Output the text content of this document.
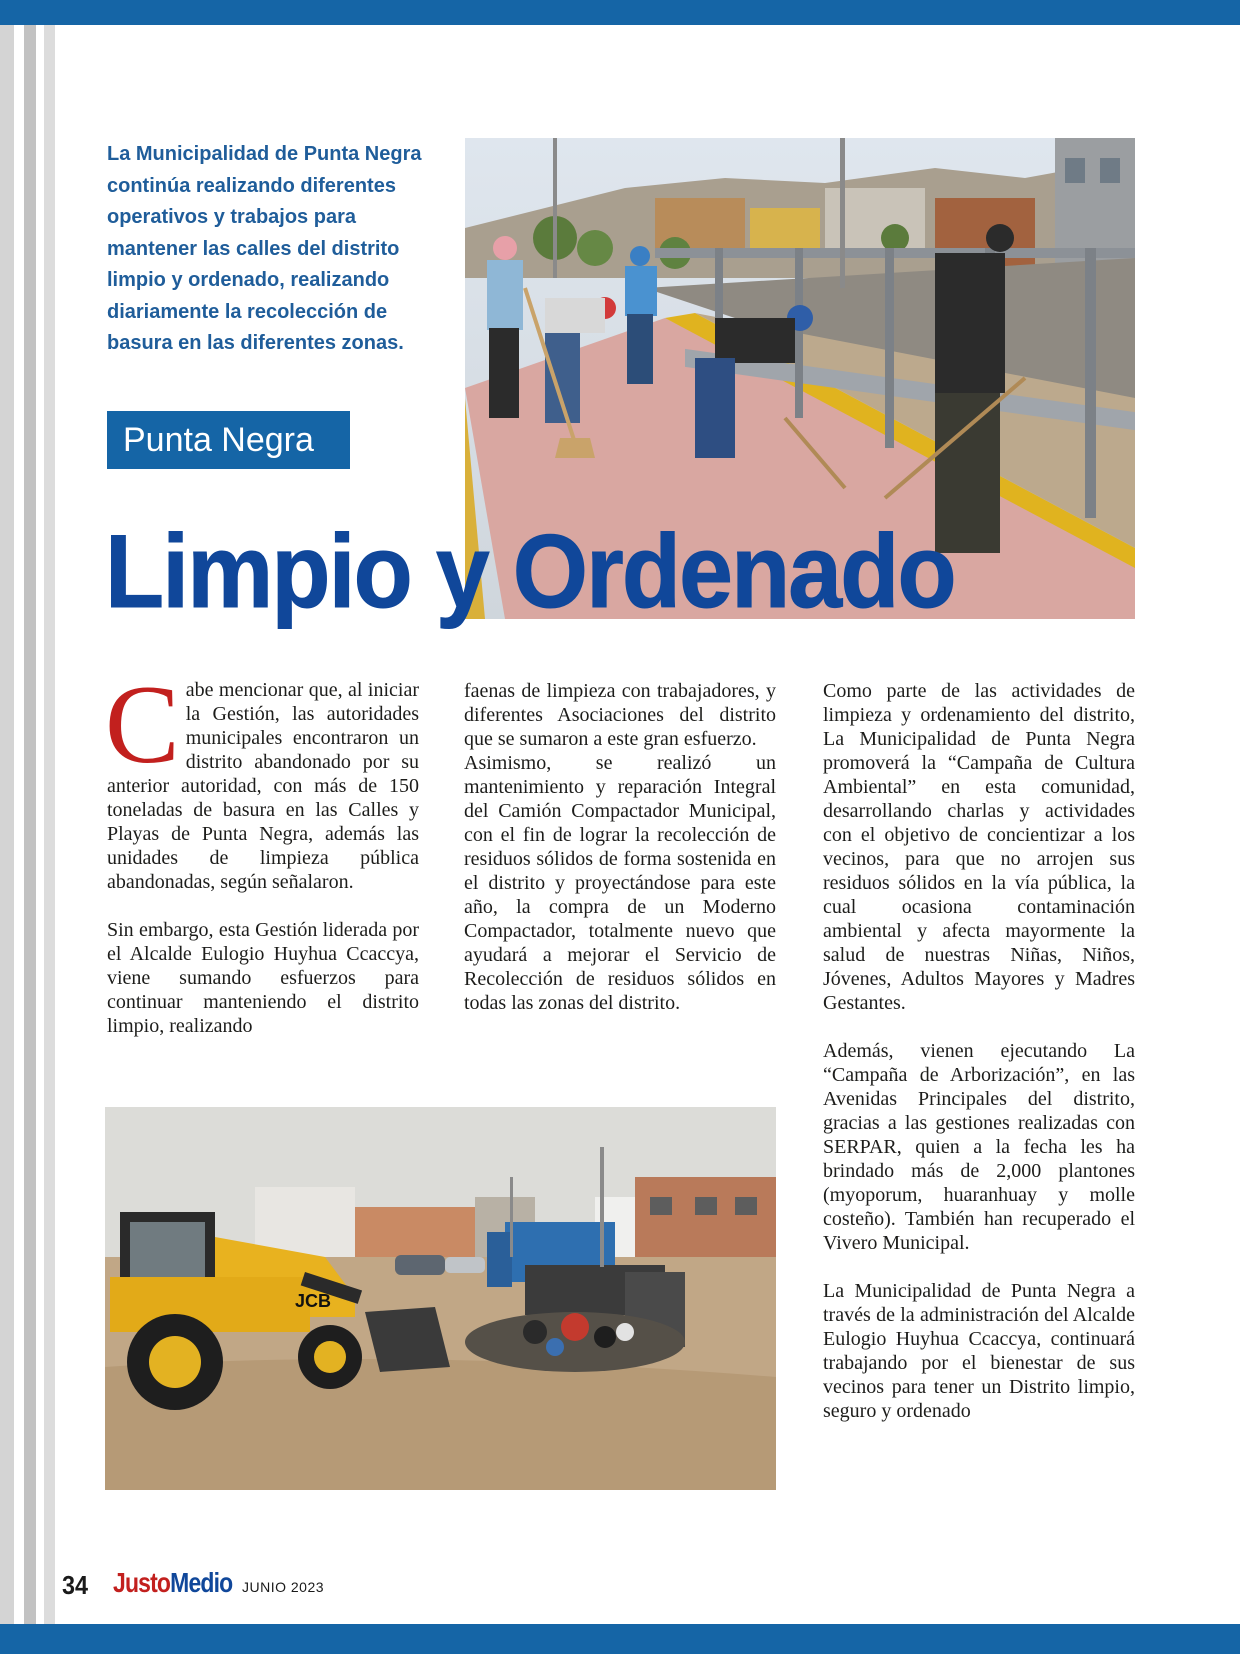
La Municipalidad de Punta Negra continúa realizando diferentes operativos y trabajos para mantener las calles del distrito limpio y ordenado, realizando diariamente la recolección de basura en las diferentes zonas.

Punta Negra
Limpio y Ordenado

Cabe mencionar que, al iniciar la Gestión, las autoridades municipales encontraron un distrito abandonado por su anterior autoridad, con más de 150 toneladas de basura en las Calles y Playas de Punta Negra, además las unidades de limpieza pública abandonadas, según señalaron.

Sin embargo, esta Gestión liderada por el Alcalde Eulogio Huyhua Ccaccya, viene sumando esfuerzos para continuar manteniendo el distrito limpio, realizando

faenas de limpieza con trabajadores, y diferentes Asociaciones del distrito que se sumaron a este gran esfuerzo.

Asimismo, se realizó un mantenimiento y reparación Integral del Camión Compactador Municipal, con el fin de lograr la recolección de residuos sólidos de forma sostenida en el distrito y proyectándose para este año, la compra de un Moderno Compactador, totalmente nuevo que ayudará a mejorar el Servicio de Recolección de residuos sólidos en todas las zonas del distrito.

Como parte de las actividades de limpieza y ordenamiento del distrito, La Municipalidad de Punta Negra promoverá la “Campaña de Cultura Ambiental” en esta comunidad, desarrollando charlas y actividades con el objetivo de concientizar a los vecinos, para que no arrojen sus residuos sólidos en la vía pública, la cual ocasiona contaminación ambiental y afecta mayormente la salud de nuestras Niñas, Niños, Jóvenes, Adultos Mayores y Madres Gestantes.

Además, vienen ejecutando La “Campaña de Arborización”, en las Avenidas Principales del distrito, gracias a las gestiones realizadas con SERPAR, quien a la fecha les ha brindado más de 2,000 plantones (myoporum, huaranhuay y molle costeño). También han recuperado el Vivero Municipal.

La Municipalidad de Punta Negra a través de la administración del Alcalde Eulogio Huyhua Ccaccya, continuará trabajando por el bienestar de sus vecinos para tener un Distrito limpio, seguro y ordenado

JCB
34 JustoMedio JUNIO 2023
